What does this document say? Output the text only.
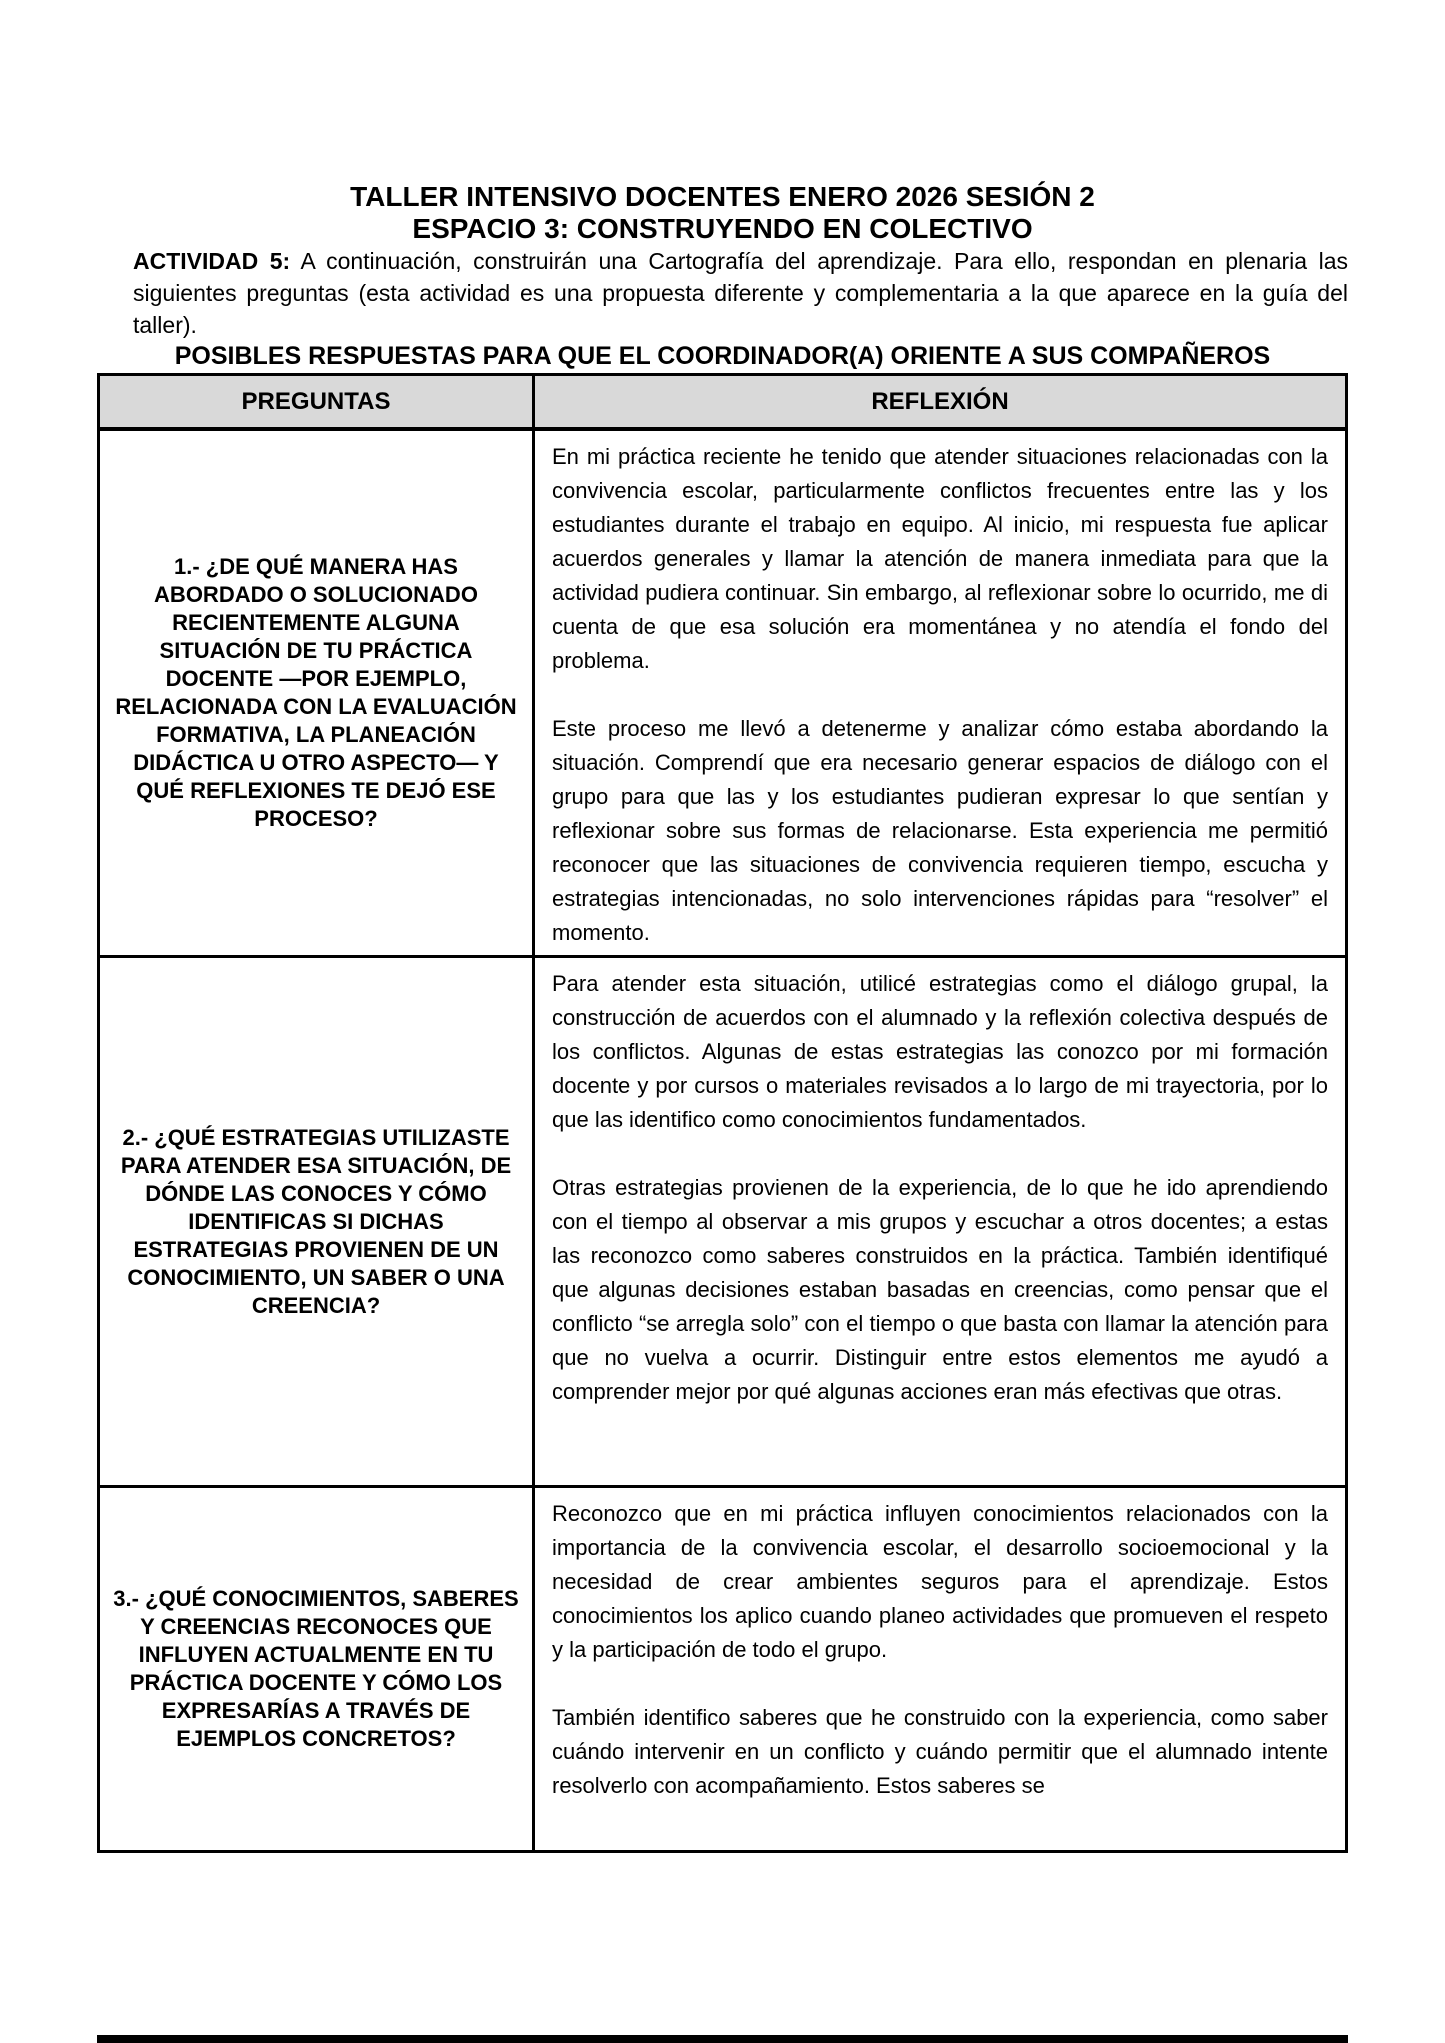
TALLER INTENSIVO DOCENTES ENERO 2026 SESIÓN 2
ESPACIO 3: CONSTRUYENDO EN COLECTIVO

ACTIVIDAD 5: A continuación, construirán una Cartografía del aprendizaje. Para ello, respondan en plenaria las siguientes preguntas (esta actividad es una propuesta diferente y complementaria a la que aparece en la guía del taller).

POSIBLES RESPUESTAS PARA QUE EL COORDINADOR(A) ORIENTE A SUS COMPAÑEROS
PREGUNTAS	REFLEXIÓN
1.- ¿DE QUÉ MANERA HAS ABORDADO O SOLUCIONADO RECIENTEMENTE ALGUNA SITUACIÓN DE TU PRÁCTICA DOCENTE —POR EJEMPLO, RELACIONADA CON LA EVALUACIÓN FORMATIVA, LA PLANEACIÓN DIDÁCTICA U OTRO ASPECTO— Y QUÉ REFLEXIONES TE DEJÓ ESE PROCESO?

En mi práctica reciente he tenido que atender situaciones relacionadas con la convivencia escolar, particularmente conflictos frecuentes entre las y los estudiantes durante el trabajo en equipo. Al inicio, mi respuesta fue aplicar acuerdos generales y llamar la atención de manera inmediata para que la actividad pudiera continuar. Sin embargo, al reflexionar sobre lo ocurrido, me di cuenta de que esa solución era momentánea y no atendía el fondo del problema.

Este proceso me llevó a detenerme y analizar cómo estaba abordando la situación. Comprendí que era necesario generar espacios de diálogo con el grupo para que las y los estudiantes pudieran expresar lo que sentían y reflexionar sobre sus formas de relacionarse. Esta experiencia me permitió reconocer que las situaciones de convivencia requieren tiempo, escucha y estrategias intencionadas, no solo intervenciones rápidas para “resolver” el momento.

2.- ¿QUÉ ESTRATEGIAS UTILIZASTE PARA ATENDER ESA SITUACIÓN, DE DÓNDE LAS CONOCES Y CÓMO IDENTIFICAS SI DICHAS ESTRATEGIAS PROVIENEN DE UN CONOCIMIENTO, UN SABER O UNA CREENCIA?

Para atender esta situación, utilicé estrategias como el diálogo grupal, la construcción de acuerdos con el alumnado y la reflexión colectiva después de los conflictos. Algunas de estas estrategias las conozco por mi formación docente y por cursos o materiales revisados a lo largo de mi trayectoria, por lo que las identifico como conocimientos fundamentados.

Otras estrategias provienen de la experiencia, de lo que he ido aprendiendo con el tiempo al observar a mis grupos y escuchar a otros docentes; a estas las reconozco como saberes construidos en la práctica. También identifiqué que algunas decisiones estaban basadas en creencias, como pensar que el conflicto “se arregla solo” con el tiempo o que basta con llamar la atención para que no vuelva a ocurrir. Distinguir entre estos elementos me ayudó a comprender mejor por qué algunas acciones eran más efectivas que otras.

3.- ¿QUÉ CONOCIMIENTOS, SABERES Y CREENCIAS RECONOCES QUE INFLUYEN ACTUALMENTE EN TU PRÁCTICA DOCENTE Y CÓMO LOS EXPRESARÍAS A TRAVÉS DE EJEMPLOS CONCRETOS?

Reconozco que en mi práctica influyen conocimientos relacionados con la importancia de la convivencia escolar, el desarrollo socioemocional y la necesidad de crear ambientes seguros para el aprendizaje. Estos conocimientos los aplico cuando planeo actividades que promueven el respeto y la participación de todo el grupo.

También identifico saberes que he construido con la experiencia, como saber cuándo intervenir en un conflicto y cuándo permitir que el alumnado intente resolverlo con acompañamiento. Estos saberes se
